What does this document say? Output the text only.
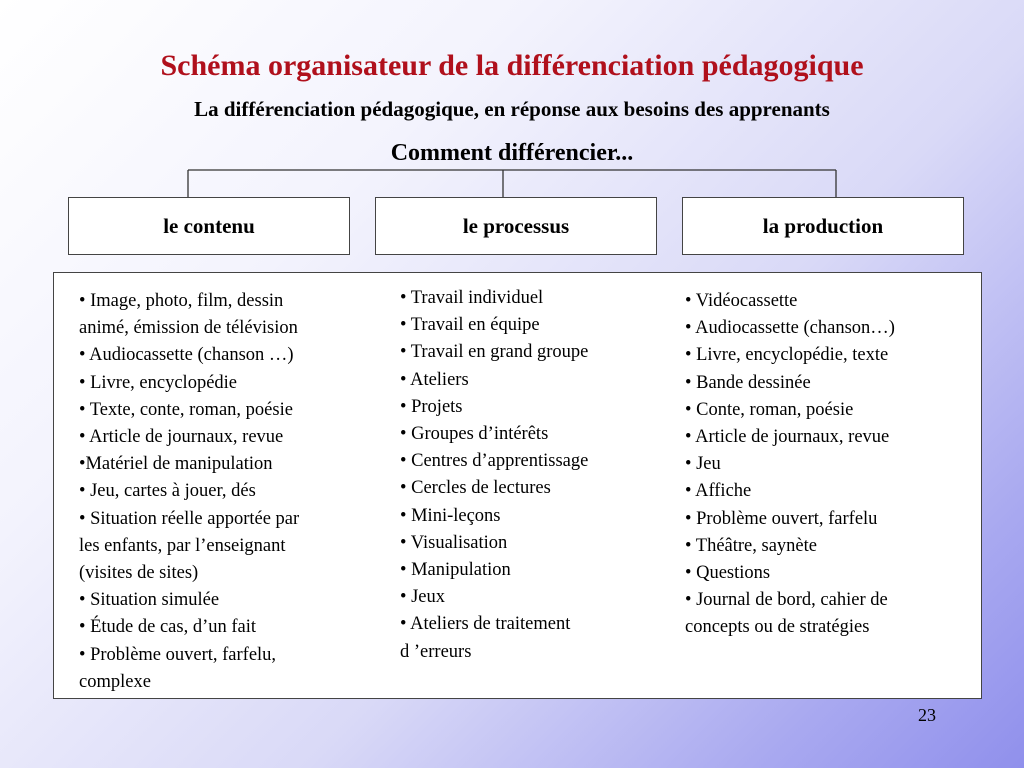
Schéma organisateur de la différenciation pédagogique
La différenciation pédagogique, en réponse aux besoins des apprenants
Comment différencier...
le contenu	le processus	la production
• Image, photo, film, dessin
animé, émission de télévision
• Audiocassette (chanson …)
• Livre, encyclopédie
• Texte, conte, roman, poésie
• Article de journaux, revue
•Matériel de manipulation
• Jeu, cartes à jouer, dés
• Situation réelle apportée par
les enfants, par l’enseignant
(visites de sites)
• Situation simulée
• Étude de cas, d’un fait
• Problème ouvert, farfelu,
complexe
• Travail individuel
• Travail en équipe
• Travail en grand groupe
• Ateliers
• Projets
• Groupes d’intérêts
• Centres d’apprentissage
• Cercles de lectures
• Mini-leçons
• Visualisation
• Manipulation
• Jeux
• Ateliers de traitement
d ’erreurs
• Vidéocassette
• Audiocassette (chanson…)
• Livre, encyclopédie, texte
• Bande dessinée
• Conte, roman, poésie
• Article de journaux, revue
• Jeu
• Affiche
• Problème ouvert, farfelu
• Théâtre, saynète
• Questions
• Journal de bord, cahier de
concepts ou de stratégies
23
